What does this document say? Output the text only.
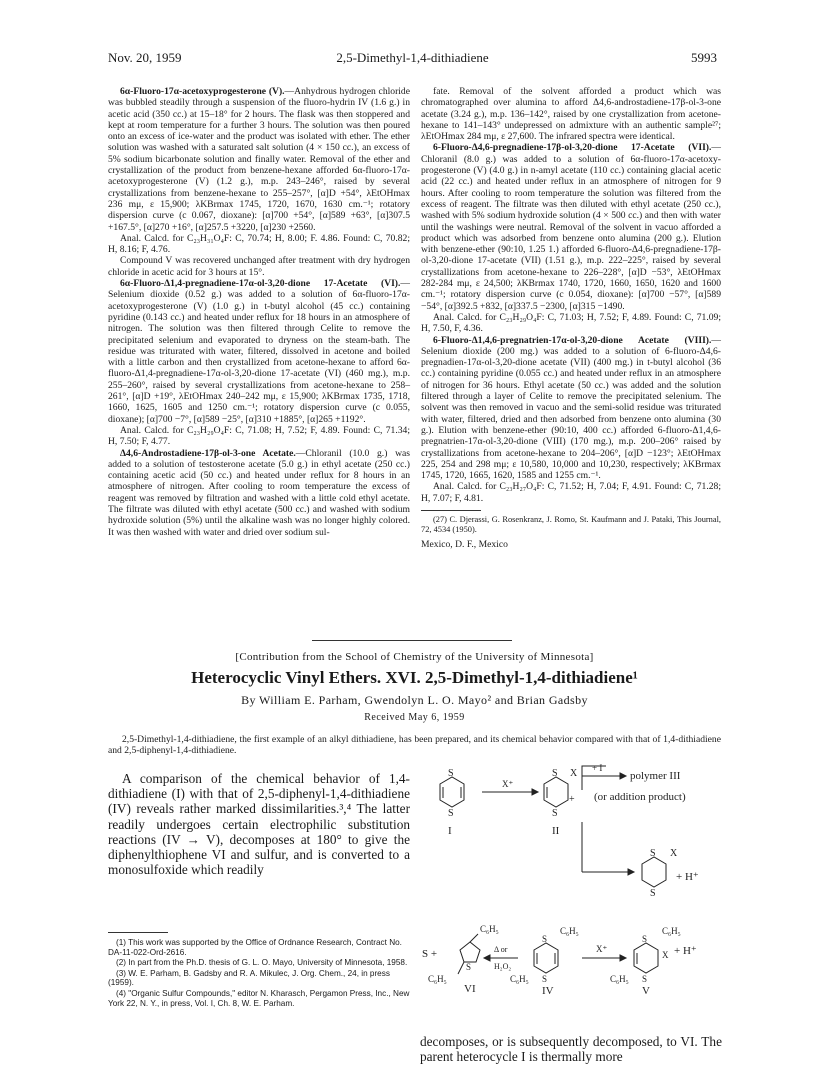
Nov. 20, 1959	2,5-Dimethyl-1,4-dithiadiene	5993

6α-Fluoro-17α-acetoxyprogesterone (V).—Anhydrous hydrogen chloride was bubbled steadily through a suspension of the fluoro-hydrin IV (1.6 g.) in acetic acid (350 cc.) at 15–18° for 2 hours. The flask was then stoppered and kept at room temperature for a further 3 hours. The solution was then poured onto an excess of ice-water and the product was isolated with ether. The ether solution was washed with a saturated salt solution (4 × 150 cc.), an excess of 5% sodium bicarbonate solution and finally water. Removal of the ether and crystallization of the product from benzene-hexane afforded 6α-fluoro-17α-acetoxyprogesterone (V) (1.2 g.), m.p. 243–246°, raised by several crystallizations from benzene-hexane to 255–257°, [α]D +54°, λEtOHmax 236 mμ, ε 15,900; λKBrmax 1745, 1720, 1670, 1630 cm.⁻¹; rotatory dispersion curve (c 0.067, dioxane): [α]700 +54°, [α]589 +63°, [α]307.5 +167.5°, [α]270 +16°, [α]257.5 +3220, [α]230 +2560.

Anal. Calcd. for C₂₃H₃₁O₄F: C, 70.74; H, 8.00; F. 4.86. Found: C, 70.82; H, 8.16; F, 4.76.

Compound V was recovered unchanged after treatment with dry hydrogen chloride in acetic acid for 3 hours at 15°.

6α-Fluoro-Δ1,4-pregnadiene-17α-ol-3,20-dione 17-Acetate (VI).—Selenium dioxide (0.52 g.) was added to a solution of 6α-fluoro-17α-acetoxyprogesterone (V) (1.0 g.) in t-butyl alcohol (45 cc.) containing pyridine (0.143 cc.) and heated under reflux for 18 hours in an atmosphere of nitrogen. The solution was then filtered through Celite to remove the precipitated selenium and evaporated to dryness on the steam-bath. The residue was triturated with water, filtered, dissolved in acetone and boiled with a little carbon and then crystallized from acetone-hexane to afford 6α-fluoro-Δ1,4-pregnadiene-17α-ol-3,20-dione 17-acetate (VI) (460 mg.), m.p. 255–260°, raised by several crystallizations from acetone-hexane to 258–261°, [α]D +19°, λEtOHmax 240–242 mμ, ε 15,900; λKBrmax 1735, 1718, 1660, 1625, 1605 and 1250 cm.⁻¹; rotatory dispersion curve (c 0.055, dioxane); [α]700 −7°, [α]589 −25°, [α]310 +1885°, [α]265 +1192°.

Anal. Calcd. for C₂₃H₂₉O₄F: C, 71.08; H, 7.52; F, 4.89. Found: C, 71.34; H, 7.50; F, 4.77.

Δ4,6-Androstadiene-17β-ol-3-one Acetate.—Chloranil (10.0 g.) was added to a solution of testosterone acetate (5.0 g.) in ethyl acetate (250 cc.) containing acetic acid (50 cc.) and heated under reflux for 8 hours in an atmosphere of nitrogen. After cooling to room temperature the excess of reagent was removed by filtration and washed with a little cold ethyl acetate. The filtrate was diluted with ethyl acetate (500 cc.) and washed with sodium hydroxide solution (5%) until the alkaline wash was no longer highly colored. It was then washed with water and dried over sodium sul-

fate. Removal of the solvent afforded a product which was chromatographed over alumina to afford Δ4,6-androstadiene-17β-ol-3-one acetate (3.24 g.), m.p. 136–142°, raised by one crystallization from acetone-hexane to 141–143° undepressed on admixture with an authentic sample²⁷; λEtOHmax 284 mμ, ε 27,600. The infrared spectra were identical.

6-Fluoro-Δ4,6-pregnadiene-17β-ol-3,20-dione 17-Acetate (VII).—Chloranil (8.0 g.) was added to a solution of 6α-fluoro-17α-acetoxy-progesterone (V) (4.0 g.) in n-amyl acetate (110 cc.) containing glacial acetic acid (22 cc.) and heated under reflux in an atmosphere of nitrogen for 9 hours. After cooling to room temperature the solution was filtered from the excess of reagent. The filtrate was then diluted with ethyl acetate (250 cc.), washed with 5% sodium hydroxide solution (4 × 500 cc.) and then with water until the washings were neutral. Removal of the solvent in vacuo afforded a product which was adsorbed from benzene onto alumina (200 g.). Elution with benzene-ether (90:10, 1.25 1.) afforded 6-fluoro-Δ4,6-pregnadiene-17β-ol-3,20-dione 17-acetate (VII) (1.51 g.), m.p. 222–225°, raised by several crystallizations from acetone-hexane to 226–228°, [α]D −53°, λEtOHmax 282-284 mμ, ε 24,500; λKBrmax 1740, 1720, 1660, 1650, 1620 and 1600 cm.⁻¹; rotatory dispersion curve (c 0.054, dioxane): [α]700 −57°, [α]589 −54°, [α]392.5 +832, [α]337.5 −2300, [α]315 −1490.

Anal. Calcd. for C₂₃H₂₉O₄F: C, 71.03; H, 7.52; F, 4.89. Found: C, 71.09; H, 7.50, F, 4.36.

6-Fluoro-Δ1,4,6-pregnatrien-17α-ol-3,20-dione Acetate (VIII).—Selenium dioxide (200 mg.) was added to a solution of 6-fluoro-Δ4,6-pregnadien-17α-ol-3,20-dione acetate (VII) (400 mg.) in t-butyl alcohol (36 cc.) containing pyridine (0.055 cc.) and heated under reflux in an atmosphere of nitrogen for 36 hours. Ethyl acetate (50 cc.) was added and the solution filtered through a layer of Celite to remove the precipitated selenium. The solvent was then removed in vacuo and the semi-solid residue was triturated with water, filtered, dried and then adsorbed from benzene onto alumina (30 g.). Elution with benzene-ether (90:10, 400 cc.) afforded 6-fluoro-Δ1,4,6-pregnatrien-17α-ol-3,20-dione (VIII) (170 mg.), m.p. 200–206° raised by crystallizations from acetone-hexane to 204–206°, [α]D −123°; λEtOHmax 225, 254 and 298 mμ; ε 10,580, 10,000 and 10,230, respectively; λKBrmax 1745, 1720, 1665, 1620, 1585 and 1255 cm.⁻¹.

Anal. Calcd. for C₂₃H₂₇O₄F: C, 71.52; H, 7.04; F, 4.91. Found: C, 71.28; H, 7.07; F, 4.81.

(27) C. Djerassi, G. Rosenkranz, J. Romo, St. Kaufmann and J. Pataki, This Journal, 72, 4534 (1950).

Mexico, D. F., Mexico

[Contribution from the School of Chemistry of the University of Minnesota]
Heterocyclic Vinyl Ethers. XVI. 2,5-Dimethyl-1,4-dithiadiene¹
By William E. Parham, Gwendolyn L. O. Mayo² and Brian Gadsby
Received May 6, 1959
2,5-Dimethyl-1,4-dithiadiene, the first example of an alkyl dithiadiene, has been prepared, and its chemical behavior compared with that of 1,4-dithiadiene and 2,5-diphenyl-1,4-dithiadiene.

A comparison of the chemical behavior of 1,4-dithiadiene (I) with that of 2,5-diphenyl-1,4-dithiadiene (IV) reveals rather marked dissimilarities.³,⁴ The latter readily undergoes certain electrophilic substitution reactions (IV → V), decomposes at 180° to give the diphenylthiophene VI and sulfur, and is converted to a monosulfoxide which readily

(1) This work was supported by the Office of Ordnance Research, Contract No. DA-11-022-Ord-2616.

(2) In part from the Ph.D. thesis of G. L. O. Mayo, University of Minnesota, 1958.

(3) W. E. Parham, B. Gadsby and R. A. Mikulec, J. Org. Chem., 24, in press (1959).

(4) "Organic Sulfur Compounds," editor N. Kharasch, Pergamon Press, Inc., New York 22, N. Y., in press, Vol. I, Ch. 8, W. E. Parham.

S
S
I
X⁺
S X
S
+
II
+ I
polymer III
(or addition product)
S X
S
+ H⁺
S +
S
C₆H₅
C₆H₅
VI
Δ or
H₂O₂
S
C₆H₅
S
C₆H₅
IV
X⁺
S
C₆H₅
X
S
C₆H₅
+ H⁺
V
decomposes, or is subsequently decomposed, to VI. The parent heterocycle I is thermally more
